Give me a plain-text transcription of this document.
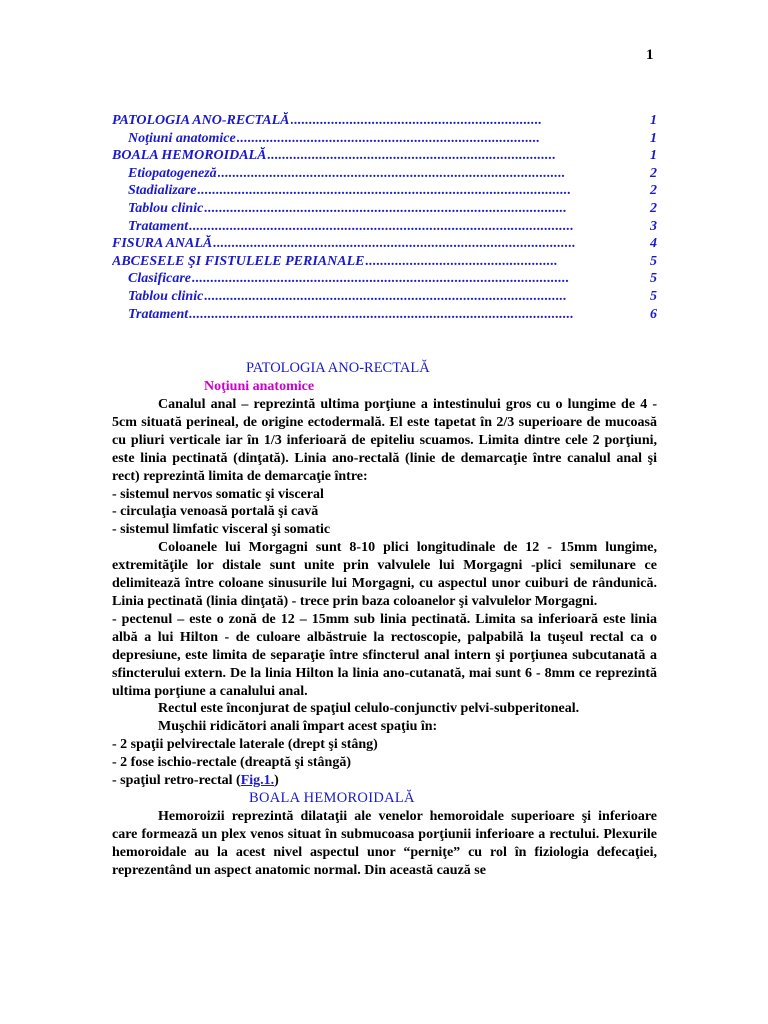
1
PATOLOGIA ANO-RECTALĂ ....................................................................	1
Noţiuni anatomice ..................................................................................	1
BOALA HEMOROIDALĂ ..............................................................................	1
Etiopatogeneză ..............................................................................................	2
Stadializare .....................................................................................................	2
Tablou clinic ..................................................................................................	2
Tratament ........................................................................................................	3
FISURA ANALĂ ..................................................................................................	4
ABCESELE ŞI FISTULELE PERIANALE ....................................................	5
Clasificare ......................................................................................................	5
Tablou clinic ..................................................................................................	5
Tratament ........................................................................................................	6
PATOLOGIA ANO-RECTALĂ
Noţiuni anatomice

Canalul anal – reprezintă ultima porţiune a intestinului gros cu o lungime de 4 - 5cm situată perineal, de origine ectodermală. El este tapetat în 2/3 superioare de mucoasă cu pliuri verticale iar în 1/3 inferioară de epiteliu scuamos. Limita dintre cele 2 porţiuni, este linia pectinată (dinţată). Linia ano-rectală (linie de demarcaţie între canalul anal şi rect) reprezintă limita de demarcaţie între:

- sistemul nervos somatic şi visceral
- circulaţia venoasă portală şi cavă
- sistemul limfatic visceral şi somatic

Coloanele lui Morgagni sunt 8-10 plici longitudinale de 12 - 15mm lungime, extremităţile lor distale sunt unite prin valvulele lui Morgagni -plici semilunare ce delimitează între coloane sinusurile lui Morgagni, cu aspectul unor cuiburi de rândunică. Linia pectinată (linia dinţată) - trece prin baza coloanelor şi valvulelor Morgagni.

- pectenul – este o zonă de 12 – 15mm sub linia pectinată. Limita sa inferioară este linia albă a lui Hilton - de culoare albăstruie la rectoscopie, palpabilă la tuşeul rectal ca o depresiune, este limita de separaţie între sfincterul anal intern şi porţiunea subcutanată a sfincterului extern. De la linia Hilton la linia ano-cutanată, mai sunt 6 - 8mm ce reprezintă ultima porţiune a canalului anal.

Rectul este înconjurat de spaţiul celulo-conjunctiv pelvi-subperitoneal.

Muşchii ridicători anali împart acest spaţiu în:

- 2 spaţii pelvirectale laterale (drept şi stâng)
- 2 fose ischio-rectale (dreaptă şi stângă)
- spaţiul retro-rectal (Fig.1.)
BOALA HEMOROIDALĂ

Hemoroizii reprezintă dilataţii ale venelor hemoroidale superioare şi inferioare care formează un plex venos situat în submucoasa porţiunii inferioare a rectului. Plexurile hemoroidale au la acest nivel aspectul unor “perniţe” cu rol în fiziologia defecaţiei, reprezentând un aspect anatomic normal. Din această cauză se
